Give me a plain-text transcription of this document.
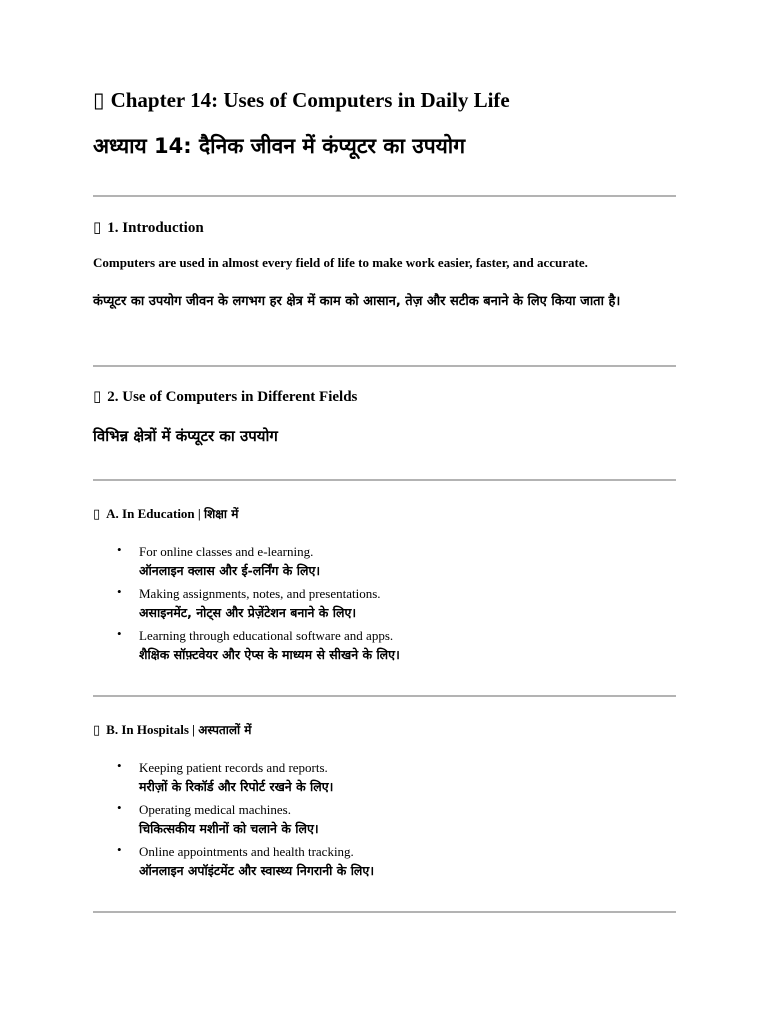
▯ Chapter 14: Uses of Computers in Daily Life
अध्याय 14: दैनिक जीवन में कंप्यूटर का उपयोग
▯ 1. Introduction
Computers are used in almost every field of life to make work easier, faster, and accurate.
कंप्यूटर का उपयोग जीवन के लगभग हर क्षेत्र में काम को आसान, तेज़ और सटीक बनाने के लिए किया जाता है।
▯ 2. Use of Computers in Different Fields
विभिन्न क्षेत्रों में कंप्यूटर का उपयोग
▯ A. In Education | शिक्षा में
• For online classes and e-learning.
ऑनलाइन क्लास और ई-लर्निंग के लिए।
• Making assignments, notes, and presentations.
असाइनमेंट, नोट्स और प्रेज़ेंटेशन बनाने के लिए।
• Learning through educational software and apps.
शैक्षिक सॉफ़्टवेयर और ऐप्स के माध्यम से सीखने के लिए।
▯ B. In Hospitals | अस्पतालों में
• Keeping patient records and reports.
मरीज़ों के रिकॉर्ड और रिपोर्ट रखने के लिए।
• Operating medical machines.
चिकित्सकीय मशीनों को चलाने के लिए।
• Online appointments and health tracking.
ऑनलाइन अपॉइंटमेंट और स्वास्थ्य निगरानी के लिए।
